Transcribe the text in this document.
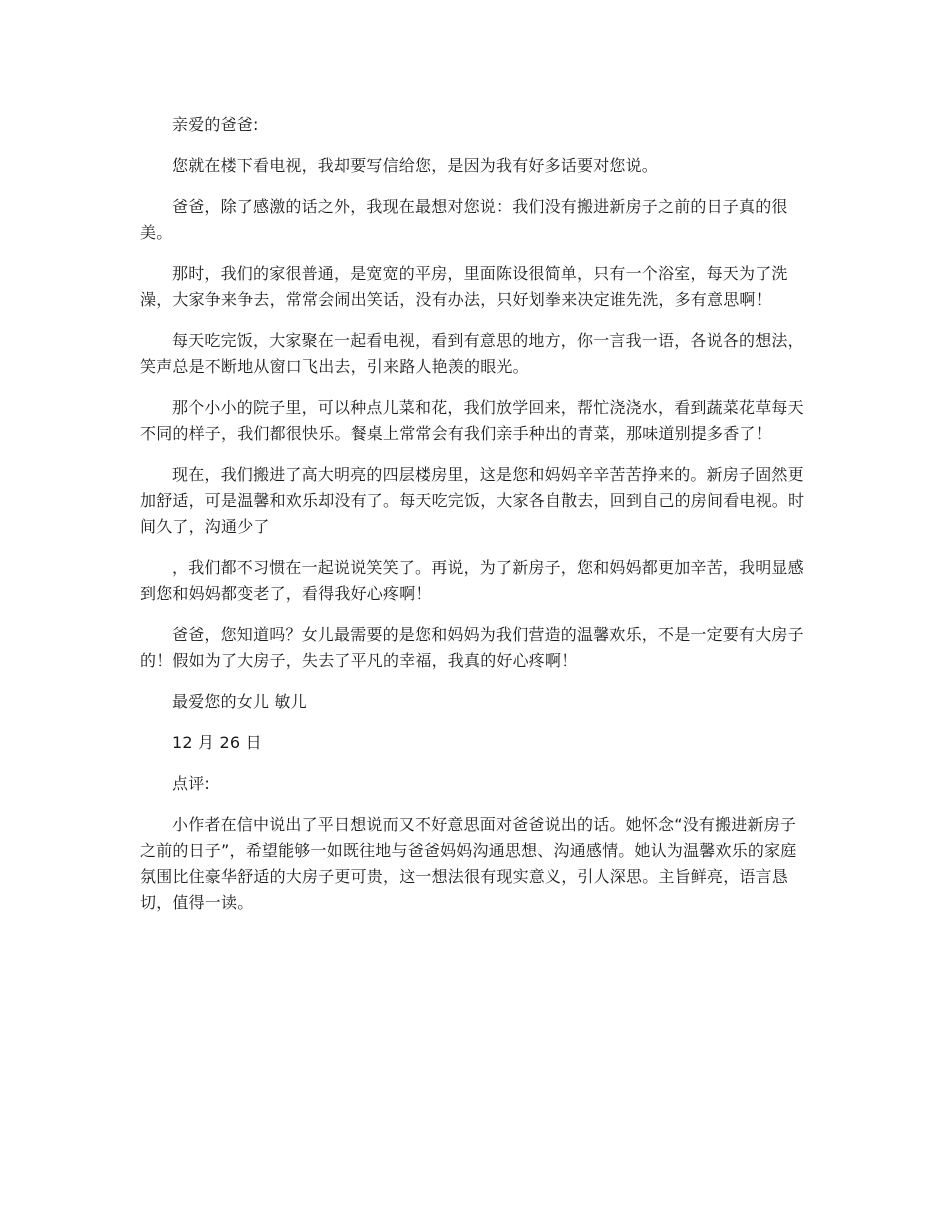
亲爱的爸爸:

您就在楼下看电视，我却要写信给您，是因为我有好多话要对您说。

爸爸，除了感激的话之外，我现在最想对您说：我们没有搬进新房子之前的日子真的很美。

那时，我们的家很普通，是宽宽的平房，里面陈设很简单，只有一个浴室，每天为了洗澡，大家争来争去，常常会闹出笑话，没有办法，只好划拳来决定谁先洗，多有意思啊！

每天吃完饭，大家聚在一起看电视，看到有意思的地方，你一言我一语，各说各的想法，笑声总是不断地从窗口飞出去，引来路人艳羡的眼光。

那个小小的院子里，可以种点儿菜和花，我们放学回来，帮忙浇浇水，看到蔬菜花草每天不同的样子，我们都很快乐。餐桌上常常会有我们亲手种出的青菜，那味道别提多香了！

现在，我们搬进了高大明亮的四层楼房里，这是您和妈妈辛辛苦苦挣来的。新房子固然更加舒适，可是温馨和欢乐却没有了。每天吃完饭，大家各自散去，回到自己的房间看电视。时间久了，沟通少了

，我们都不习惯在一起说说笑笑了。再说，为了新房子，您和妈妈都更加辛苦，我明显感到您和妈妈都变老了，看得我好心疼啊！

爸爸，您知道吗？女儿最需要的是您和妈妈为我们营造的温馨欢乐，不是一定要有大房子的！假如为了大房子，失去了平凡的幸福，我真的好心疼啊！

最爱您的女儿 敏儿

12 月 26 日

点评:

小作者在信中说出了平日想说而又不好意思面对爸爸说出的话。她怀念“没有搬进新房子之前的日子”，希望能够一如既往地与爸爸妈妈沟通思想、沟通感情。她认为温馨欢乐的家庭氛围比住豪华舒适的大房子更可贵，这一想法很有现实意义，引人深思。主旨鲜亮，语言恳切，值得一读。
